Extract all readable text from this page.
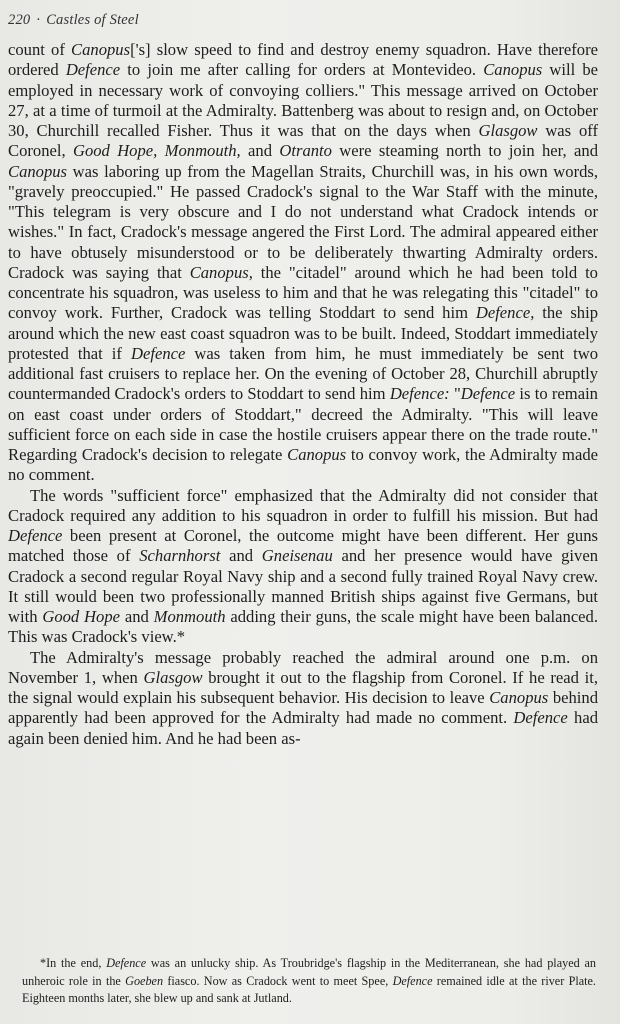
220 · Castles of Steel

count of Canopus['s] slow speed to find and destroy enemy squadron. Have therefore ordered Defence to join me after calling for orders at Montevideo. Canopus will be employed in necessary work of convoying colliers." This message arrived on October 27, at a time of turmoil at the Admiralty. Battenberg was about to resign and, on October 30, Churchill recalled Fisher. Thus it was that on the days when Glasgow was off Coronel, Good Hope, Monmouth, and Otranto were steaming north to join her, and Canopus was laboring up from the Magellan Straits, Churchill was, in his own words, "gravely preoccupied." He passed Cradock's signal to the War Staff with the minute, "This telegram is very obscure and I do not understand what Cradock intends or wishes." In fact, Cradock's message angered the First Lord. The admiral appeared either to have obtusely misunderstood or to be deliberately thwarting Admiralty orders. Cradock was saying that Canopus, the "citadel" around which he had been told to concentrate his squadron, was useless to him and that he was relegating this "citadel" to convoy work. Further, Cradock was telling Stoddart to send him Defence, the ship around which the new east coast squadron was to be built. Indeed, Stoddart immediately protested that if Defence was taken from him, he must immediately be sent two additional fast cruisers to replace her. On the evening of October 28, Churchill abruptly countermanded Cradock's orders to Stoddart to send him Defence: "Defence is to remain on east coast under orders of Stoddart," decreed the Admiralty. "This will leave sufficient force on each side in case the hostile cruisers appear there on the trade route." Regarding Cradock's decision to relegate Canopus to convoy work, the Admiralty made no comment.

The words "sufficient force" emphasized that the Admiralty did not consider that Cradock required any addition to his squadron in order to fulfill his mission. But had Defence been present at Coronel, the outcome might have been different. Her guns matched those of Scharnhorst and Gneisenau and her presence would have given Cradock a second regular Royal Navy ship and a second fully trained Royal Navy crew. It still would been two professionally manned British ships against five Germans, but with Good Hope and Monmouth adding their guns, the scale might have been balanced. This was Cradock's view.*

The Admiralty's message probably reached the admiral around one p.m. on November 1, when Glasgow brought it out to the flagship from Coronel. If he read it, the signal would explain his subsequent behavior. His decision to leave Canopus behind apparently had been approved for the Admiralty had made no comment. Defence had again been denied him. And he had been as-

*In the end, Defence was an unlucky ship. As Troubridge's flagship in the Mediterranean, she had played an unheroic role in the Goeben fiasco. Now as Cradock went to meet Spee, Defence remained idle at the river Plate. Eighteen months later, she blew up and sank at Jutland.
